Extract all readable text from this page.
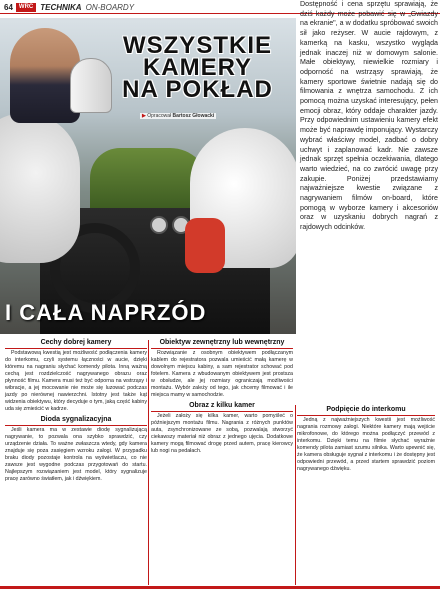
64	WRC TECHNIKA ON-BOARDY
WSZYSTKIE
KAMERY
NA POKŁAD
▶ Opracował Bartosz Głowacki
I CAŁA NAPRZÓD
Dostępność i cena sprzętu sprawiają, że dziś każdy może pobawić się w „Gwiazdy na ekranie", a w dodatku spróbować swoich sił jako reżyser. W aucie rajdowym, z kamerką na kasku, wszystko wygląda jednak inaczej niż w domowym salonie. Małe obiektywy, niewielkie rozmiary i odporność na wstrząsy sprawiają, że kamery sportowe świetnie nadają się do filmowania z wnętrza samochodu. Z ich pomocą można uzyskać interesujący, pełen emocji obraz, który oddaje charakter jazdy. Przy odpowiednim ustawieniu kamery efekt może być naprawdę imponujący. Wystarczy wybrać właściwy model, zadbać o dobry uchwyt i zaplanować kadr. Nie zawsze jednak sprzęt spełnia oczekiwania, dlatego warto wiedzieć, na co zwrócić uwagę przy zakupie. Poniżej przedstawiamy najważniejsze kwestie związane z nagrywaniem filmów on-board, które pomogą w wyborze kamery i akcesoriów oraz w uzyskaniu dobrych nagrań z rajdowych odcinków.
Cechy dobrej kamery

Podstawową kwestią jest możliwość podłączenia kamery do interkomu, czyli systemu łączności w aucie, dzięki któremu na nagraniu słychać komendy pilota. Inną ważną cechą jest rozdzielczość nagrywanego obrazu oraz płynność filmu. Kamera musi też być odporna na wstrząsy i wibracje, a jej mocowanie nie może się luzować podczas jazdy po nierównej nawierzchni. Istotny jest także kąt widzenia obiektywu, który decyduje o tym, jaką część kabiny uda się zmieścić w kadrze.

Dioda sygnalizacyjna

Jeśli kamera ma w zestawie diodę sygnalizującą nagrywanie, to pozwala ona szybko sprawdzić, czy urządzenie działa. To ważne zwłaszcza wtedy, gdy kamera znajduje się poza zasięgiem wzroku załogi. W przypadku braku diody pozostaje kontrola na wyświetlaczu, co nie zawsze jest wygodne podczas przygotowań do startu. Najlepszym rozwiązaniem jest model, który sygnalizuje pracę zarówno światłem, jak i dźwiękiem.

Obiektyw zewnętrzny lub wewnętrzny

Rozwiązanie z osobnym obiektywem podłączanym kablem do rejestratora pozwala umieścić małą kamerę w dowolnym miejscu kabiny, a sam rejestrator schować pod fotelem. Kamera z wbudowanym obiektywem jest prostsza w obsłudze, ale jej rozmiary ograniczają możliwości montażu. Wybór zależy od tego, jak chcemy filmować i ile miejsca mamy w samochodzie.

Obraz z kilku kamer

Jeżeli założy się kilka kamer, warto pomyśleć o późniejszym montażu filmu. Nagrania z różnych punktów auta, zsynchronizowane ze sobą, pozwalają stworzyć ciekawszy materiał niż obraz z jednego ujęcia. Dodatkowe kamery mogą filmować drogę przed autem, pracę kierowcy lub nogi na pedałach.

Podpięcie do interkomu

Jedną z najważniejszych kwestii jest możliwość nagrania rozmowy załogi. Niektóre kamery mają wejście mikrofonowe, do którego można podłączyć przewód z interkomu. Dzięki temu na filmie słychać wyraźnie komendy pilota zamiast szumu silnika. Warto upewnić się, że kamera obsługuje sygnał z interkomu i że dostępny jest odpowiedni przewód, a przed startem sprawdzić poziom nagrywanego dźwięku.
